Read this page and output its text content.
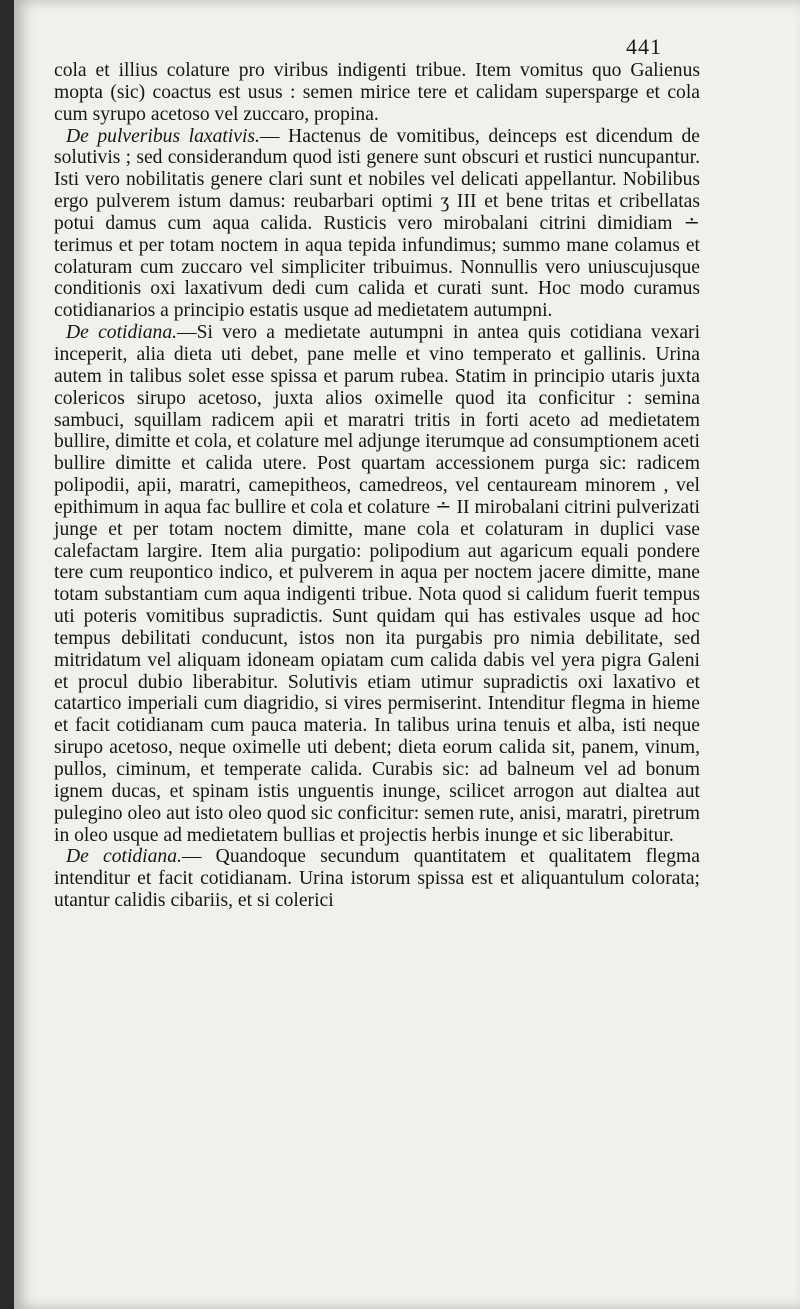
441

cola et illius colature pro viribus indigenti tribue. Item vomitus quo Galienus mopta (sic) coactus est usus : semen mirice tere et calidam supersparge et cola cum syrupo acetoso vel zuccaro, propina.

De pulveribus laxativis.— Hactenus de vomitibus, deinceps est dicendum de solutivis ; sed considerandum quod isti genere sunt obscuri et rustici nuncupantur. Isti vero nobilitatis genere clari sunt et nobiles vel delicati appellantur. Nobilibus ergo pulverem istum damus: reubarbari optimi ʒ III et bene tritas et cribellatas potui damus cum aqua calida. Rusticis vero mirobalani citrini dimidiam ∸ terimus et per totam noctem in aqua tepida infundimus; summo mane colamus et colaturam cum zuccaro vel simpliciter tribuimus. Nonnullis vero uniuscujusque conditionis oxi laxativum dedi cum calida et curati sunt. Hoc modo curamus cotidianarios a principio estatis usque ad medietatem autumpni.

De cotidiana.—Si vero a medietate autumpni in antea quis cotidiana vexari inceperit, alia dieta uti debet, pane melle et vino temperato et gallinis. Urina autem in talibus solet esse spissa et parum rubea. Statim in principio utaris juxta colericos sirupo acetoso, juxta alios oximelle quod ita conficitur : semina sambuci, squillam radicem apii et maratri tritis in forti aceto ad medietatem bullire, dimitte et cola, et colature mel adjunge iterumque ad consumptionem aceti bullire dimitte et calida utere. Post quartam accessionem purga sic: radicem polipodii, apii, maratri, camepitheos, camedreos, vel centauream minorem , vel epithimum in aqua fac bullire et cola et colature ∸ II mirobalani citrini pulverizati junge et per totam noctem dimitte, mane cola et colaturam in duplici vase calefactam largire. Item alia purgatio: polipodium aut agaricum equali pondere tere cum reupontico indico, et pulverem in aqua per noctem jacere dimitte, mane totam substantiam cum aqua indigenti tribue. Nota quod si calidum fuerit tempus uti poteris vomitibus supradictis. Sunt quidam qui has estivales usque ad hoc tempus debilitati conducunt, istos non ita purgabis pro nimia debilitate, sed mitridatum vel aliquam idoneam opiatam cum calida dabis vel yera pigra Galeni et procul dubio liberabitur. Solutivis etiam utimur supradictis oxi laxativo et catartico imperiali cum diagridio, si vires permiserint. Intenditur flegma in hieme et facit cotidianam cum pauca materia. In talibus urina tenuis et alba, isti neque sirupo acetoso, neque oximelle uti debent; dieta eorum calida sit, panem, vinum, pullos, ciminum, et temperate calida. Curabis sic: ad balneum vel ad bonum ignem ducas, et spinam istis unguentis inunge, scilicet arrogon aut dialtea aut pulegino oleo aut isto oleo quod sic conficitur: semen rute, anisi, maratri, piretrum in oleo usque ad medietatem bullias et projectis herbis inunge et sic liberabitur.

De cotidiana.— Quandoque secundum quantitatem et qualitatem flegma intenditur et facit cotidianam. Urina istorum spissa est et aliquantulum colorata; utantur calidis cibariis, et si colerici
